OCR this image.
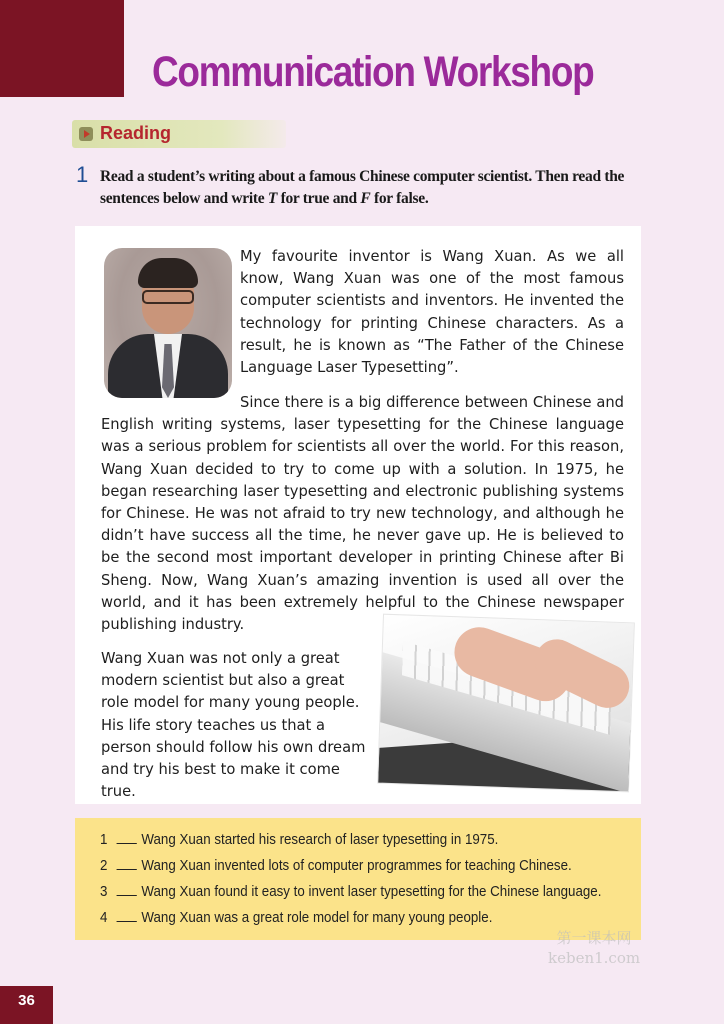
Communication Workshop
Reading
1 Read a student’s writing about a famous Chinese computer scientist. Then read the sentences below and write T for true and F for false.

My favourite inventor is Wang Xuan. As we all know, Wang Xuan was one of the most famous computer scientists and inventors. He invented the technology for printing Chinese characters. As a result, he is known as “The Father of the Chinese Language Laser Typesetting”.

Since there is a big difference between Chinese and English writing systems, laser typesetting for the Chinese language was a serious problem for scientists all over the world. For this reason, Wang Xuan decided to try to come up with a solution. In 1975, he began researching laser typesetting and electronic publishing systems for Chinese. He was not afraid to try new technology, and although he didn’t have success all the time, he never gave up. He is believed to be the second most important developer in printing Chinese after Bi Sheng. Now, Wang Xuan’s amazing invention is used all over the world, and it has been extremely helpful to the Chinese newspaper publishing industry.

Wang Xuan was not only a great modern scientist but also a great role model for many young people. His life story teaches us that a person should follow his own dream and try his best to make it come true.

1 Wang Xuan started his research of laser typesetting in 1975.
2 Wang Xuan invented lots of computer programmes for teaching Chinese.
3 Wang Xuan found it easy to invent laser typesetting for the Chinese language.
4 Wang Xuan was a great role model for many young people.
第一课本网
keben1.com
36
